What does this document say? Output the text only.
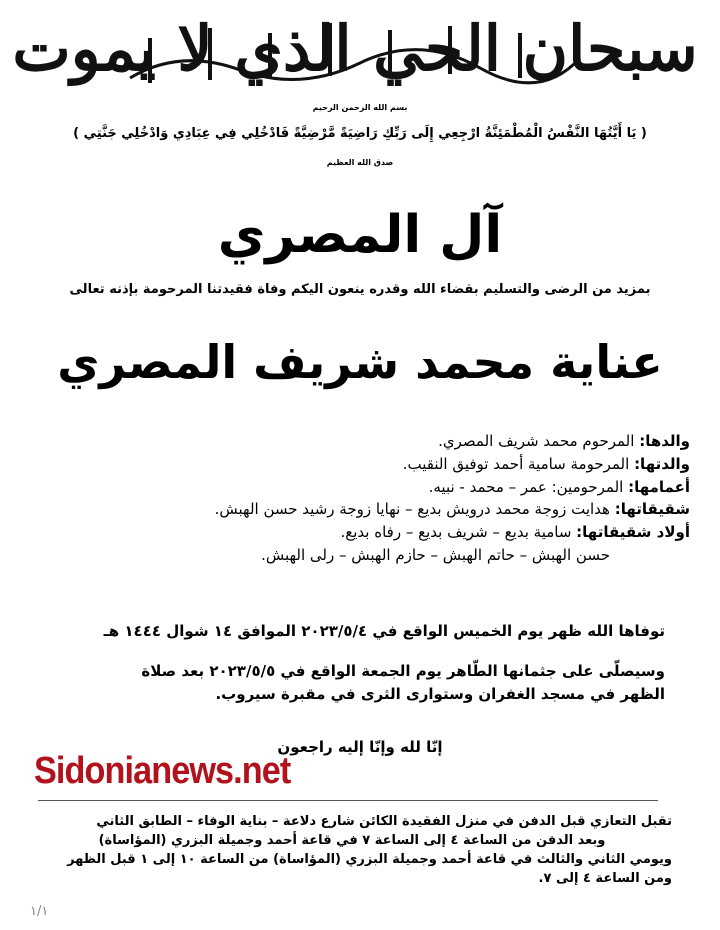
سبحان الحي الذي لا يموت
بسم الله الرحمن الرحيم
( يَا أَيَّتُهَا النَّفْسُ الْمُطْمَئِنَّةُ ارْجِعِي إِلَى رَبِّكِ رَاضِيَةً مَّرْضِيَّةً فَادْخُلِي فِي عِبَادِي وَادْخُلِي جَنَّتِي )
صدق الله العظيم
آل المصري
بمزيد من الرضى والتسليم بقضاء الله وقدره ينعون اليكم وفاة فقيدتنا المرحومة بإذنه تعالى
عناية محمد شريف المصري
والدها: المرحوم محمد شريف المصري.
والدتها: المرحومة سامية أحمد توفيق النقيب.
أعمامها: المرحومين: عمر – محمد - نبيه.
شقيقاتها: هدايت زوجة محمد درويش بديع – نهايا زوجة رشيد حسن الهبش.
أولاد شقيقاتها: سامية بديع – شريف بديع – رفاه بديع.
حسن الهبش – حاتم الهبش – حازم الهبش – رلى الهبش.
توفاها الله ظهر يوم الخميس الواقع في ٢٠٢٣/٥/٤ الموافق ١٤ شوال ١٤٤٤ هـ
وسيصلّى على جثمانها الطّاهر يوم الجمعة الواقع في ٢٠٢٣/٥/٥ بعد صلاة
الظهر في مسجد الغفران وستوارى الثرى في مقبرة سيروب.
إنّا لله وإنّا إليه راجعون
Sidonianews.net
تقبل التعازي قبل الدفن في منزل الفقيدة الكائن شارع دلاعة – بناية الوفاء – الطابق الثاني
وبعد الدفن من الساعة ٤ إلى الساعة ٧ في قاعة أحمد وجميلة البزري (المؤاساة)
ويومي الثاني والثالث في قاعة أحمد وجميلة البزري (المؤاساة) من الساعة ١٠ إلى ١ قبل الظهر
ومن الساعة ٤ إلى ٧.
١/١
